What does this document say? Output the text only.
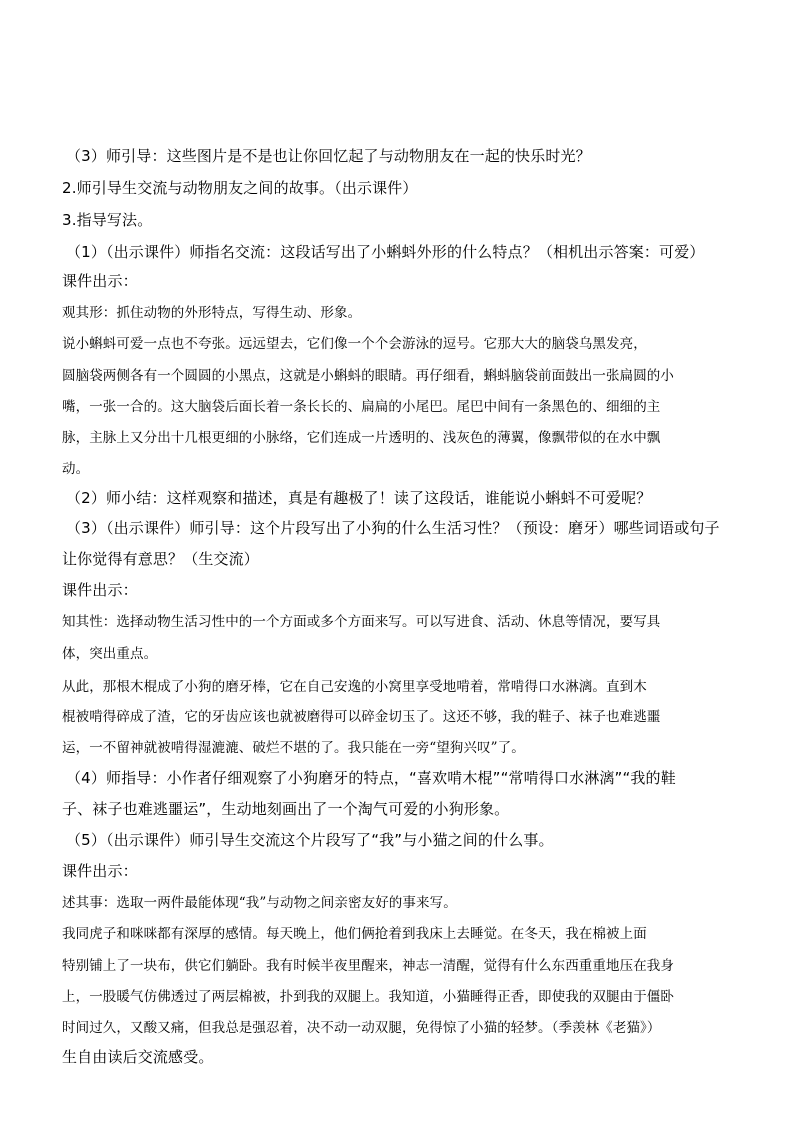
（3）师引导：这些图片是不是也让你回忆起了与动物朋友在一起的快乐时光？
2.师引导生交流与动物朋友之间的故事。（出示课件）
3.指导写法。
（1）（出示课件）师指名交流：这段话写出了小蝌蚪外形的什么特点？（相机出示答案：可爱）
课件出示：
观其形：抓住动物的外形特点，写得生动、形象。
说小蝌蚪可爱一点也不夸张。远远望去，它们像一个个会游泳的逗号。它那大大的脑袋乌黑发亮，
圆脑袋两侧各有一个圆圆的小黑点，这就是小蝌蚪的眼睛。再仔细看，蝌蚪脑袋前面鼓出一张扁圆的小
嘴，一张一合的。这大脑袋后面长着一条长长的、扁扁的小尾巴。尾巴中间有一条黑色的、细细的主
脉，主脉上又分出十几根更细的小脉络，它们连成一片透明的、浅灰色的薄翼，像飘带似的在水中飘
动。
（2）师小结：这样观察和描述，真是有趣极了！读了这段话，谁能说小蝌蚪不可爱呢？
（3）（出示课件）师引导：这个片段写出了小狗的什么生活习性？（预设：磨牙）哪些词语或句子
让你觉得有意思？（生交流）
课件出示：
知其性：选择动物生活习性中的一个方面或多个方面来写。可以写进食、活动、休息等情况，要写具
体，突出重点。
从此，那根木棍成了小狗的磨牙棒，它在自己安逸的小窝里享受地啃着，常啃得口水淋漓。直到木
棍被啃得碎成了渣，它的牙齿应该也就被磨得可以碎金切玉了。这还不够，我的鞋子、袜子也难逃噩
运，一不留神就被啃得湿漉漉、破烂不堪的了。我只能在一旁“望狗兴叹”了。
（4）师指导：小作者仔细观察了小狗磨牙的特点，“喜欢啃木棍”“常啃得口水淋漓”“我的鞋
子、袜子也难逃噩运”，生动地刻画出了一个淘气可爱的小狗形象。
（5）（出示课件）师引导生交流这个片段写了“我”与小猫之间的什么事。
课件出示：
述其事：选取一两件最能体现“我”与动物之间亲密友好的事来写。
我同虎子和咪咪都有深厚的感情。每天晚上，他们俩抢着到我床上去睡觉。在冬天，我在棉被上面
特别铺上了一块布，供它们躺卧。我有时候半夜里醒来，神志一清醒，觉得有什么东西重重地压在我身
上，一股暖气仿佛透过了两层棉被，扑到我的双腿上。我知道，小猫睡得正香，即使我的双腿由于僵卧
时间过久，又酸又痛，但我总是强忍着，决不动一动双腿，免得惊了小猫的轻梦。（季羡林《老猫》）
生自由读后交流感受。
